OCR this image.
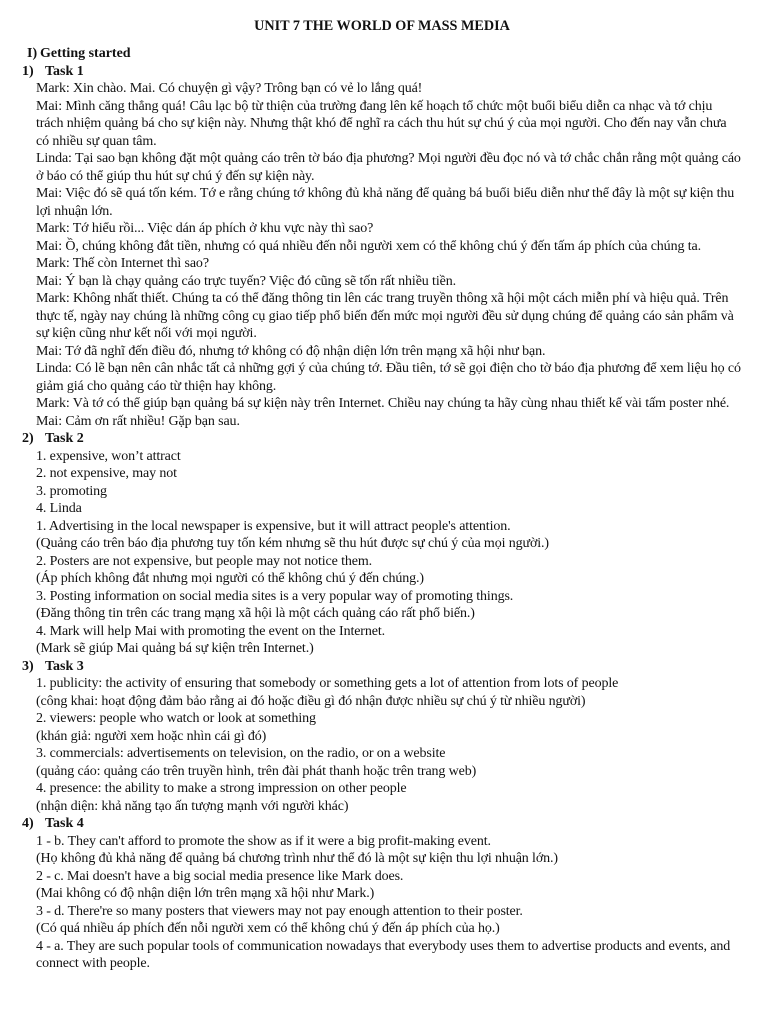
UNIT 7 THE WORLD OF MASS MEDIA
I) Getting started
1) Task 1
Mark: Xin chào. Mai. Có chuyện gì vậy? Trông bạn có vẻ lo lắng quá!
Mai: Mình căng thẳng quá! Câu lạc bộ từ thiện của trường đang lên kế hoạch tổ chức một buổi biểu diễn ca nhạc và tớ chịu
trách nhiệm quảng bá cho sự kiện này. Nhưng thật khó để nghĩ ra cách thu hút sự chú ý của mọi người. Cho đến nay vẫn chưa
có nhiều sự quan tâm.
Linda: Tại sao bạn không đặt một quảng cáo trên tờ báo địa phương? Mọi người đều đọc nó và tớ chắc chắn rằng một quảng cáo
ở báo có thể giúp thu hút sự chú ý đến sự kiện này.
Mai: Việc đó sẽ quá tốn kém. Tớ e rằng chúng tớ không đủ khả năng để quảng bá buổi biểu diễn như thể đây là một sự kiện thu
lợi nhuận lớn.
Mark: Tớ hiểu rồi... Việc dán áp phích ở khu vực này thì sao?
Mai: Ồ, chúng không đắt tiền, nhưng có quá nhiều đến nỗi người xem có thể không chú ý đến tấm áp phích của chúng ta.
Mark: Thế còn Internet thì sao?
Mai: Ý bạn là chạy quảng cáo trực tuyến? Việc đó cũng sẽ tốn rất nhiều tiền.
Mark: Không nhất thiết. Chúng ta có thể đăng thông tin lên các trang truyền thông xã hội một cách miễn phí và hiệu quả. Trên
thực tế, ngày nay chúng là những công cụ giao tiếp phổ biến đến mức mọi người đều sử dụng chúng để quảng cáo sản phẩm và
sự kiện cũng như kết nối với mọi người.
Mai: Tớ đã nghĩ đến điều đó, nhưng tớ không có độ nhận diện lớn trên mạng xã hội như bạn.
Linda: Có lẽ bạn nên cân nhắc tất cả những gợi ý của chúng tớ. Đầu tiên, tớ sẽ gọi điện cho tờ báo địa phương để xem liệu họ có
giảm giá cho quảng cáo từ thiện hay không.
Mark: Và tớ có thể giúp bạn quảng bá sự kiện này trên Internet. Chiều nay chúng ta hãy cùng nhau thiết kế vài tấm poster nhé.
Mai: Cảm ơn rất nhiều! Gặp bạn sau.
2) Task 2
1. expensive, won’t attract
2. not expensive, may not
3. promoting
4. Linda
1. Advertising in the local newspaper is expensive, but it will attract people's attention.
(Quảng cáo trên báo địa phương tuy tốn kém nhưng sẽ thu hút được sự chú ý của mọi người.)
2. Posters are not expensive, but people may not notice them.
(Áp phích không đắt nhưng mọi người có thể không chú ý đến chúng.)
3. Posting information on social media sites is a very popular way of promoting things.
(Đăng thông tin trên các trang mạng xã hội là một cách quảng cáo rất phổ biến.)
4. Mark will help Mai with promoting the event on the Internet.
(Mark sẽ giúp Mai quảng bá sự kiện trên Internet.)
3) Task 3
1. publicity: the activity of ensuring that somebody or something gets a lot of attention from lots of people
(công khai: hoạt động đảm bảo rằng ai đó hoặc điều gì đó nhận được nhiều sự chú ý từ nhiều người)
2. viewers: people who watch or look at something
(khán giả: người xem hoặc nhìn cái gì đó)
3. commercials: advertisements on television, on the radio, or on a website
(quảng cáo: quảng cáo trên truyền hình, trên đài phát thanh hoặc trên trang web)
4. presence: the ability to make a strong impression on other people
(nhận diện: khả năng tạo ấn tượng mạnh với người khác)
4) Task 4
1 - b. They can't afford to promote the show as if it were a big profit-making event.
(Họ không đủ khả năng để quảng bá chương trình như thể đó là một sự kiện thu lợi nhuận lớn.)
2 - c. Mai doesn't have a big social media presence like Mark does.
(Mai không có độ nhận diện lớn trên mạng xã hội như Mark.)
3 - d. There're so many posters that viewers may not pay enough attention to their poster.
(Có quá nhiều áp phích đến nỗi người xem có thể không chú ý đến áp phích của họ.)
4 - a. They are such popular tools of communication nowadays that everybody uses them to advertise products and events, and
connect with people.
